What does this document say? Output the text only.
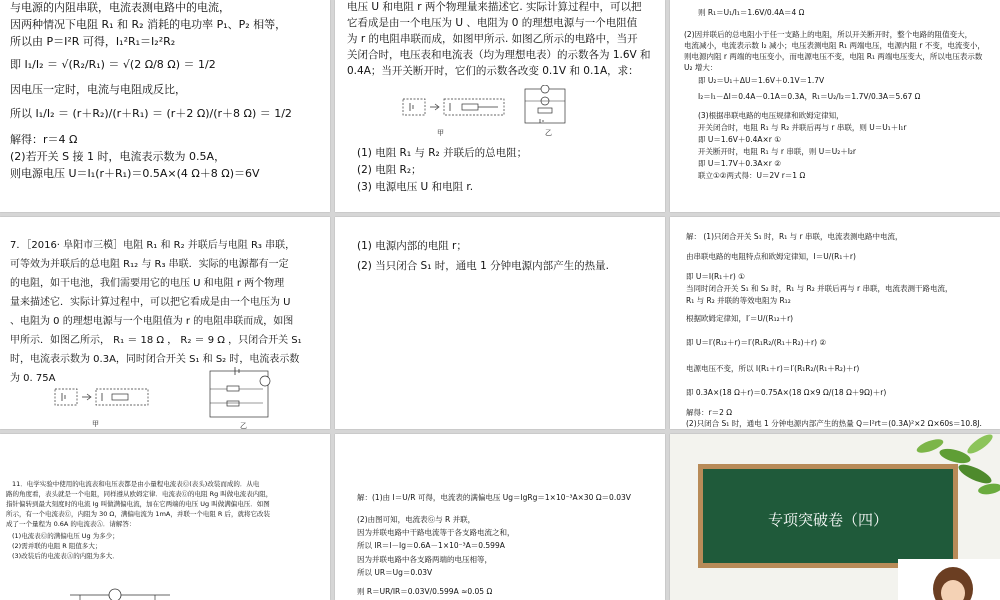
与电源的内阻串联，电流表测电路中的电流，
因两种情况下电阻 R₁ 和 R₂ 消耗的电功率 P₁、P₂ 相等，
所以由 P＝I²R 可得，I₁²R₁＝I₂²R₂
即 I₁/I₂ ＝ √(R₂/R₁) ＝ √(2 Ω/8 Ω) ＝ 1/2
因电压一定时，电流与电阻成反比，
所以 I₁/I₂ ＝ (r＋R₂)/(r＋R₁) ＝ (r＋2 Ω)/(r＋8 Ω) ＝ 1/2
解得：r＝4 Ω
(2)若开关 S 接 1 时，电流表示数为 0.5A，
则电源电压 U＝I₁(r＋R₁)＝0.5A×(4 Ω＋8 Ω)＝6V
电压 U 和电阻 r 两个物理量来描述它. 实际计算过程中，可以把
它看成是由一个电压为 U 、电阻为 0 的理想电源与一个电阻值
为 r 的电阻串联而成，如图甲所示. 如图乙所示的电路中，当开
关闭合时，电压表和电流表（均为理想电表）的示数各为 1.6V 和
0.4A；当开关断开时，它们的示数各改变 0.1V 和 0.1A，求：
甲	乙
(1) 电阻 R₁ 与 R₂ 并联后的总电阻；
(2) 电阻 R₂；
(3) 电源电压 U 和电阻 r.
则 R₁＝U₁/I₁＝1.6V/0.4A＝4 Ω
(2)因并联后的总电阻小于任一支路上的电阻，所以开关断开时，整个电路的阻值变大，
电流减小，电流表示数 I₂ 减小；电压表测电阻 R₁ 两端电压，电源内阻 r 不变，电流变小，
则电源内阻 r 两端的电压变小，而电源电压不变，电阻 R₁ 两端电压变大，所以电压表示数
U₂ 增大：
即 U₂＝U₁＋ΔU＝1.6V＋0.1V＝1.7V
I₂＝I₁－ΔI＝0.4A－0.1A＝0.3A，R₁＝U₂/I₂＝1.7V/0.3A＝5.67 Ω
(3)根据串联电路的电压规律和欧姆定律知，
开关闭合时，电阻 R₁ 与 R₂ 并联后再与 r 串联，则 U＝U₁＋I₁r
即 U＝1.6V＋0.4A×r ①
开关断开时，电阻 R₁ 与 r 串联，则 U＝U₂＋I₂r
即 U＝1.7V＋0.3A×r ②
联立①②两式得：U＝2V r＝1 Ω
7．［2016· 阜阳市三模］电阻 R₁ 和 R₂ 并联后与电阻 R₃ 串联，
可等效为并联后的总电阻 R₁₂ 与 R₃ 串联．实际的电源都有一定
的电阻，如干电池，我们需要用它的电压 U 和电阻 r 两个物理
量来描述它．实际计算过程中，可以把它看成是由一个电压为 U
、电阻为 0 的理想电源与一个电阻值为 r 的电阻串联而成，如图
甲所示．如图乙所示， R₁ ＝ 18 Ω ， R₂ ＝ 9 Ω ，只闭合开关 S₁
时，电流表示数为 0.3A，同时闭合开关 S₁ 和 S₂ 时，电流表示数
为 0. 75A
甲	乙
(1) 电源内部的电阻 r；
(2) 当只闭合 S₁ 时，通电 1 分钟电源内部产生的热量.
解： (1)只闭合开关 S₁ 时，R₁ 与 r 串联，电流表测电路中电流，
由串联电路的电阻特点和欧姆定律知，I＝U/(R₁＋r)
即 U＝I(R₁＋r) ①
当同时闭合开关 S₁ 和 S₂ 时，R₁ 与 R₂ 并联后再与 r 串联，电流表测干路电流，
R₁ 与 R₂ 并联的等效电阻为 R₁₂
根据欧姆定律知，I′＝U/(R₁₂＋r)
即 U＝I′(R₁₂＋r)＝I′(R₁R₂/(R₁＋R₂)＋r) ②
电源电压不变，所以 I(R₁＋r)＝I′(R₁R₂/(R₁＋R₂)＋r)
即 0.3A×(18 Ω＋r)＝0.75A×(18 Ω×9 Ω/(18 Ω＋9Ω)＋r)
解得：r＝2 Ω
(2)只闭合 S₁ 时，通电 1 分钟电源内部产生的热量 Q＝I²rt＝(0.3A)²×2 Ω×60s＝10.8J.
11．电学实验中使用的电流表和电压表都是由小量程电流表Ⓖ(表头)改装而成的．从电
路的角度看，表头就是一个电阻，同样遵从欧姆定律．电流表Ⓖ的电阻 Rg 叫做电流表内阻，
指针偏转到最大刻度时的电流 Ig 叫做满偏电流，加在它两端的电压 Ug 叫做满偏电压．如图
所示，有一个电流表Ⓖ，内阻为 30 Ω，满偏电流为 1mA，并联一个电阻 R 后，就将它改装
成了一个量程为 0.6A 的电流表Ⓐ．请解答：
(1)电流表Ⓖ的满偏电压 Ug 为多少；
(2)需并联的电阻 R 阻值多大；
(3)改装后的电流表Ⓐ的内阻为多大．
解：(1)由 I＝U/R 可得，电流表的满偏电压 Ug＝IgRg＝1×10⁻³A×30 Ω＝0.03V
(2)由图可知，电流表Ⓖ与 R 并联，
因为并联电路中干路电流等于各支路电流之和，
所以 IR＝I－Ig＝0.6A－1×10⁻³A＝0.599A
因为并联电路中各支路两端的电压相等，
所以 UR＝Ug＝0.03V
则 R＝UR/IR＝0.03V/0.599A ≈0.05 Ω
专项突破卷（四）
